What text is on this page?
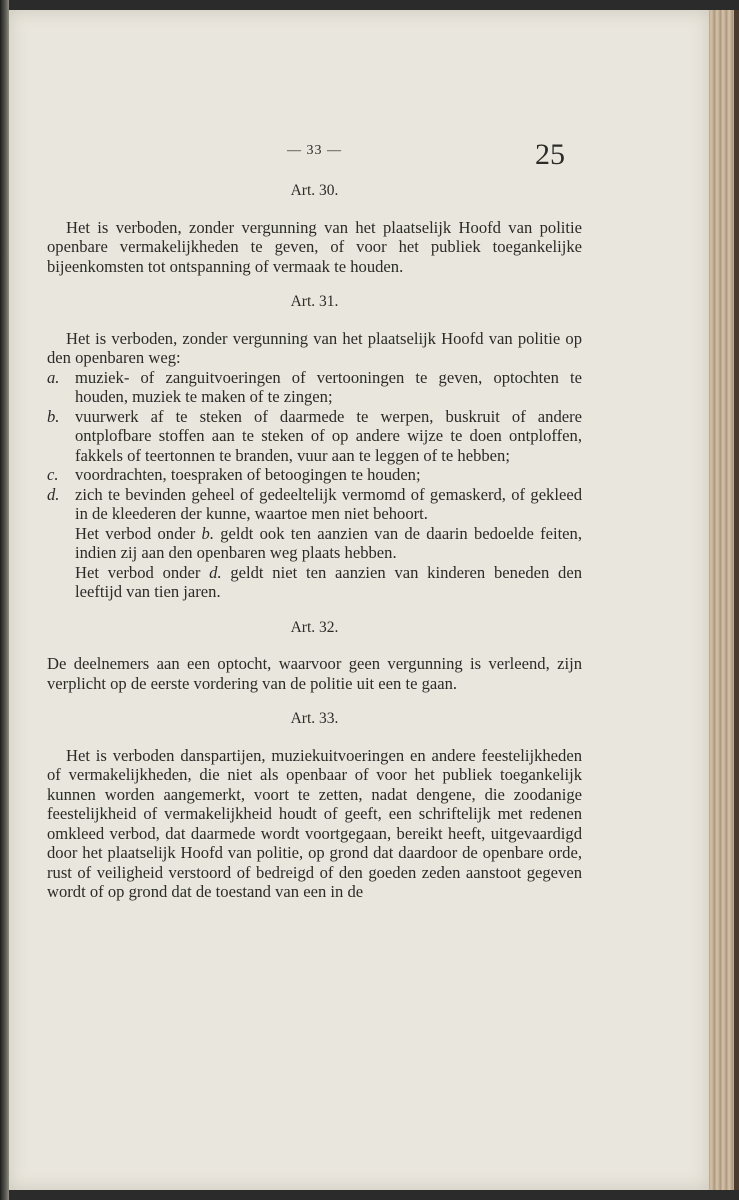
— 33 —	25

Art. 30.

Het is verboden, zonder vergunning van het plaatselijk Hoofd van politie openbare vermakelijkheden te geven, of voor het publiek toegankelijke bijeenkomsten tot ontspanning of vermaak te houden.

Art. 31.

Het is verboden, zonder vergunning van het plaatselijk Hoofd van politie op den openbaren weg:

a. muziek- of zanguitvoeringen of vertooningen te geven, optochten te houden, muziek te maken of te zingen;
b. vuurwerk af te steken of daarmede te werpen, buskruit of andere ontplofbare stoffen aan te steken of op andere wijze te doen ontploffen, fakkels of teertonnen te branden, vuur aan te leggen of te hebben;
c. voordrachten, toespraken of betoogingen te houden;
d. zich te bevinden geheel of gedeeltelijk vermomd of gemaskerd, of gekleed in de kleederen der kunne, waartoe men niet behoort.

Het verbod onder b. geldt ook ten aanzien van de daarin bedoelde feiten, indien zij aan den openbaren weg plaats hebben.

Het verbod onder d. geldt niet ten aanzien van kinderen beneden den leeftijd van tien jaren.

Art. 32.

De deelnemers aan een optocht, waarvoor geen vergunning is verleend, zijn verplicht op de eerste vordering van de politie uit een te gaan.

Art. 33.

Het is verboden danspartijen, muziekuitvoeringen en andere feestelijkheden of vermakelijkheden, die niet als openbaar of voor het publiek toegankelijk kunnen worden aangemerkt, voort te zetten, nadat dengene, die zoodanige feestelijkheid of vermakelijkheid houdt of geeft, een schriftelijk met redenen omkleed verbod, dat daarmede wordt voortgegaan, bereikt heeft, uitgevaardigd door het plaatselijk Hoofd van politie, op grond dat daardoor de openbare orde, rust of veiligheid verstoord of bedreigd of den goeden zeden aanstoot gegeven wordt of op grond dat de toestand van een in de
